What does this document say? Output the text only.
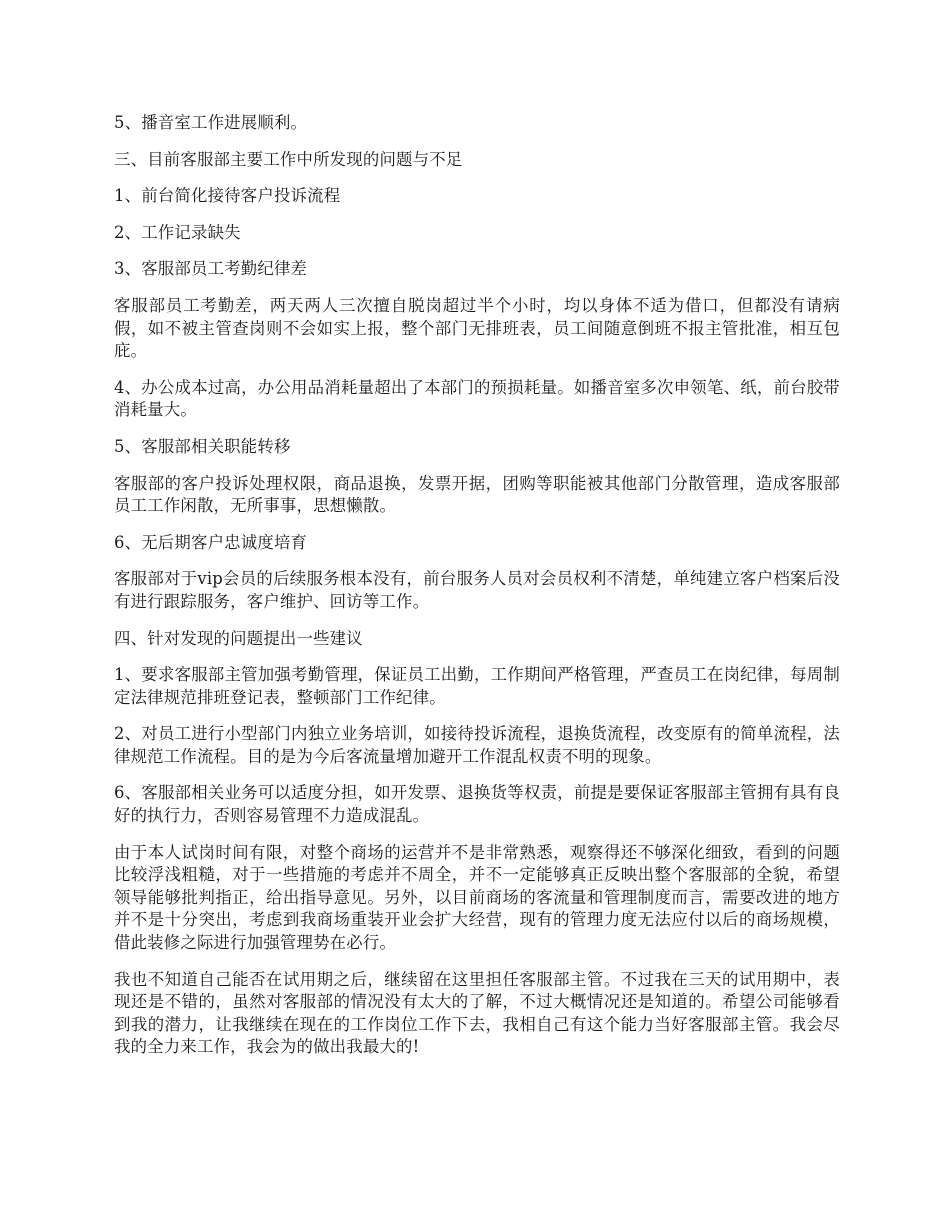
5、播音室工作进展顺利。

三、目前客服部主要工作中所发现的问题与不足

1、前台简化接待客户投诉流程

2、工作记录缺失

3、客服部员工考勤纪律差

客服部员工考勤差，两天两人三次擅自脱岗超过半个小时，均以身体不适为借口，但都没有请病假，如不被主管查岗则不会如实上报，整个部门无排班表，员工间随意倒班不报主管批准，相互包庇。

4、办公成本过高，办公用品消耗量超出了本部门的预损耗量。如播音室多次申领笔、纸，前台胶带消耗量大。

5、客服部相关职能转移

客服部的客户投诉处理权限，商品退换，发票开据，团购等职能被其他部门分散管理，造成客服部员工工作闲散，无所事事，思想懒散。

6、无后期客户忠诚度培育

客服部对于vip会员的后续服务根本没有，前台服务人员对会员权利不清楚，单纯建立客户档案后没有进行跟踪服务，客户维护、回访等工作。

四、针对发现的问题提出一些建议

1、要求客服部主管加强考勤管理，保证员工出勤，工作期间严格管理，严查员工在岗纪律，每周制定法律规范排班登记表，整顿部门工作纪律。

2、对员工进行小型部门内独立业务培训，如接待投诉流程，退换货流程，改变原有的简单流程，法律规范工作流程。目的是为今后客流量增加避开工作混乱权责不明的现象。

6、客服部相关业务可以适度分担，如开发票、退换货等权责，前提是要保证客服部主管拥有具有良好的执行力，否则容易管理不力造成混乱。

由于本人试岗时间有限，对整个商场的运营并不是非常熟悉，观察得还不够深化细致，看到的问题比较浮浅粗糙，对于一些措施的考虑并不周全，并不一定能够真正反映出整个客服部的全貌，希望领导能够批判指正，给出指导意见。另外，以目前商场的客流量和管理制度而言，需要改进的地方并不是十分突出，考虑到我商场重装开业会扩大经营，现有的管理力度无法应付以后的商场规模，借此装修之际进行加强管理势在必行。

我也不知道自己能否在试用期之后，继续留在这里担任客服部主管。不过我在三天的试用期中，表现还是不错的，虽然对客服部的情况没有太大的了解，不过大概情况还是知道的。希望公司能够看到我的潜力，让我继续在现在的工作岗位工作下去，我相自己有这个能力当好客服部主管。我会尽我的全力来工作，我会为的做出我最大的!
